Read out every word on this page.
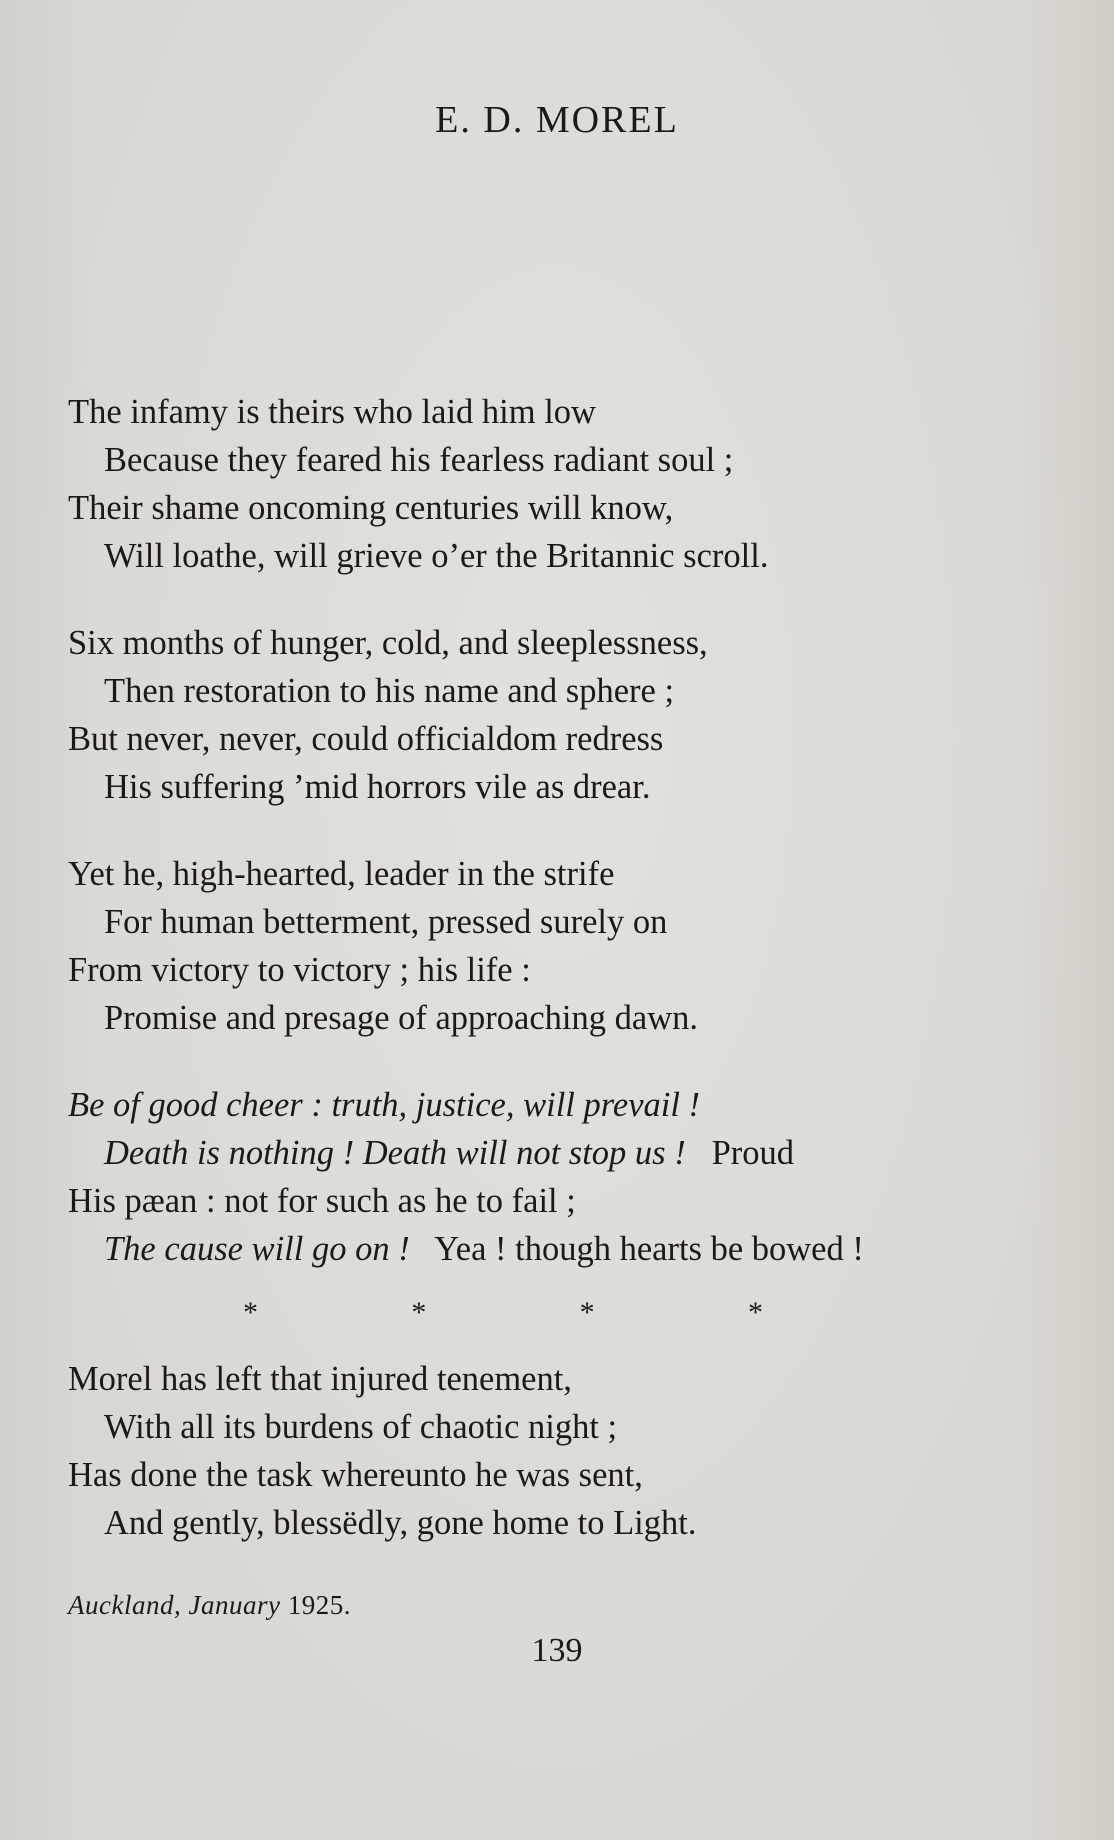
E. D. MOREL
The infamy is theirs who laid him low
Because they feared his fearless radiant soul ;
Their shame oncoming centuries will know,
Will loathe, will grieve o’er the Britannic scroll.
Six months of hunger, cold, and sleeplessness,
Then restoration to his name and sphere ;
But never, never, could officialdom redress
His suffering ’mid horrors vile as drear.
Yet he, high-hearted, leader in the strife
For human betterment, pressed surely on
From victory to victory ; his life :
Promise and presage of approaching dawn.
Be of good cheer : truth, justice, will prevail !
Death is nothing ! Death will not stop us ! Proud
His pæan : not for such as he to fail ;
The cause will go on ! Yea ! though hearts be bowed !
*	*	*	*
Morel has left that injured tenement,
With all its burdens of chaotic night ;
Has done the task whereunto he was sent,
And gently, blessëdly, gone home to Light.
Auckland, January 1925.
139
